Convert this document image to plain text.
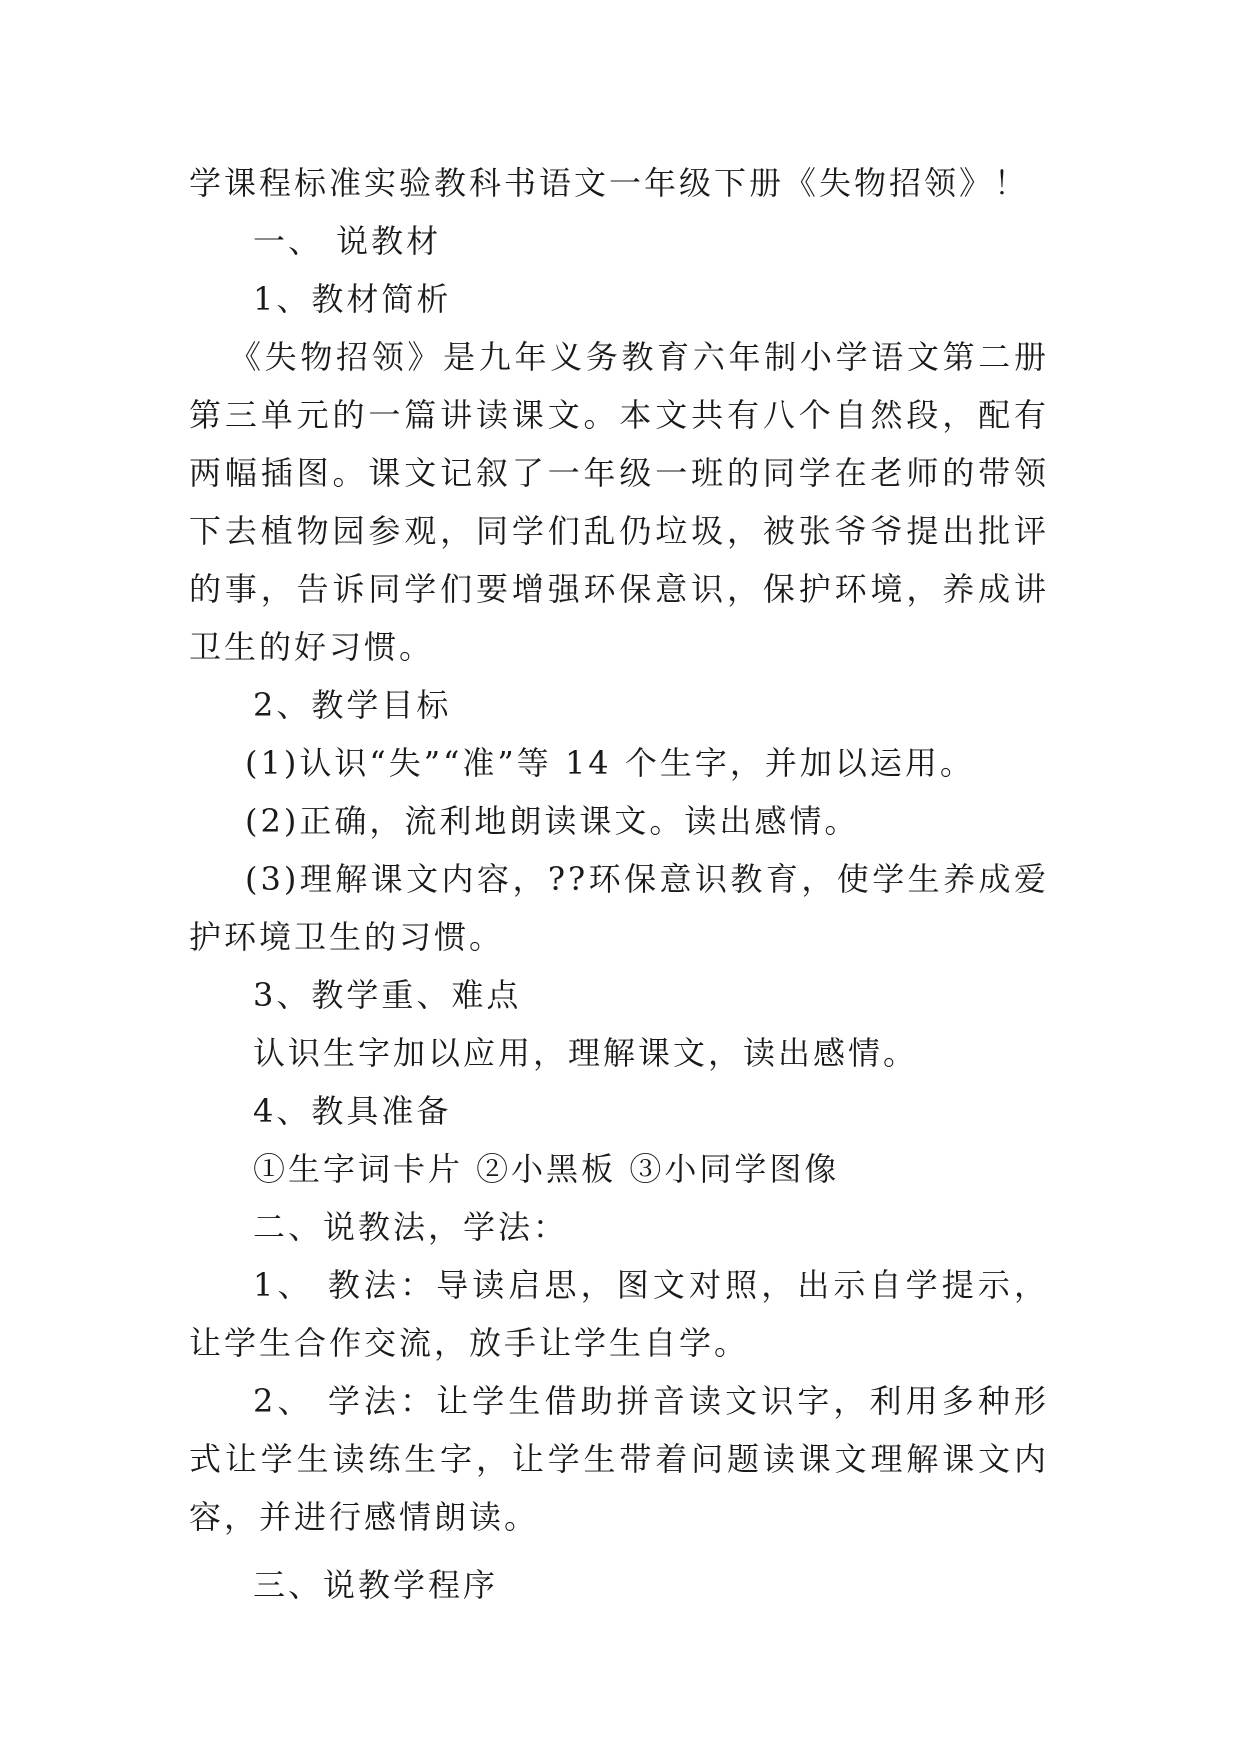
学课程标准实验教科书语文一年级下册《失物招领》！

一、 说教材

1、教材简析

《失物招领》是九年义务教育六年制小学语文第二册第三单元的一篇讲读课文。本文共有八个自然段，配有两幅插图。课文记叙了一年级一班的同学在老师的带领下去植物园参观，同学们乱仍垃圾，被张爷爷提出批评的事，告诉同学们要增强环保意识，保护环境，养成讲卫生的好习惯。

2、教学目标

(1)认识“失”“准”等 14 个生字，并加以运用。

(2)正确，流利地朗读课文。读出感情。

(3)理解课文内容，??环保意识教育，使学生养成爱护环境卫生的习惯。

3、教学重、难点

认识生字加以应用，理解课文，读出感情。

4、教具准备

①生字词卡片 ②小黑板 ③小同学图像

二、说教法，学法：

1、 教法：导读启思，图文对照，出示自学提示，让学生合作交流，放手让学生自学。

2、 学法：让学生借助拼音读文识字，利用多种形式让学生读练生字，让学生带着问题读课文理解课文内容，并进行感情朗读。

三、说教学程序
